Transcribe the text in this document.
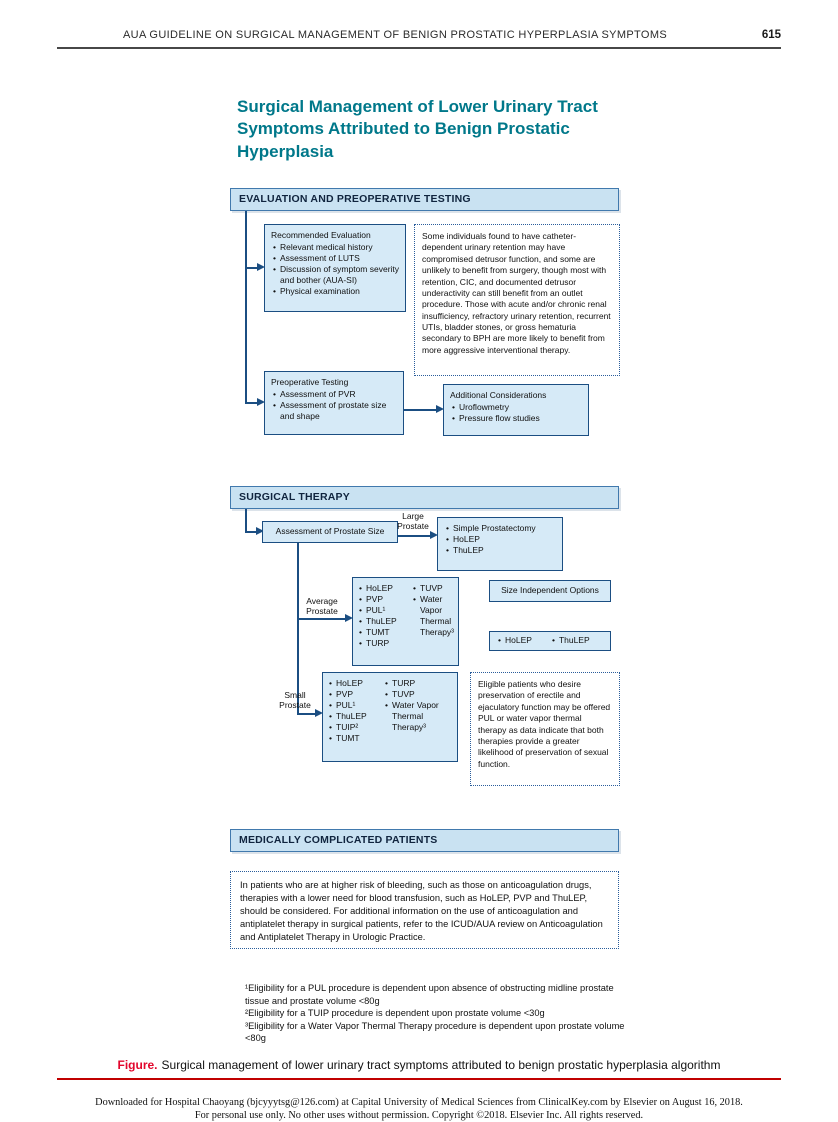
AUA GUIDELINE ON SURGICAL MANAGEMENT OF BENIGN PROSTATIC HYPERPLASIA SYMPTOMS	615
Surgical Management of Lower Urinary Tract Symptoms Attributed to Benign Prostatic Hyperplasia
EVALUATION AND PREOPERATIVE TESTING
Recommended Evaluation
• Relevant medical history
• Assessment of LUTS
• Discussion of symptom severity and bother (AUA-SI)
• Physical examination
Some individuals found to have catheter-dependent urinary retention may have compromised detrusor function, and some are unlikely to benefit from surgery, though most with retention, CIC, and documented detrusor underactivity can still benefit from an outlet procedure. Those with acute and/or chronic renal insufficiency, refractory urinary retention, recurrent UTIs, bladder stones, or gross hematuria secondary to BPH are more likely to benefit from more aggressive interventional therapy.
Preoperative Testing
• Assessment of PVR
• Assessment of prostate size and shape
Additional Considerations
• Uroflowmetry
• Pressure flow studies
SURGICAL THERAPY
Assessment of Prostate Size
Large Prostate	• Simple Prostatectomy
• HoLEP
• ThuLEP
Average Prostate
• HoLEP
• PVP
• PUL¹
• ThuLEP
• TUMT
• TURP
• TUVP
• Water Vapor Thermal Therapy³
Size Independent Options
• HoLEP	• ThuLEP
Small Prostate
• HoLEP
• PVP
• PUL¹
• ThuLEP
• TUIP²
• TUMT
• TURP
• TUVP
• Water Vapor Thermal Therapy³
Eligible patients who desire preservation of erectile and ejaculatory function may be offered PUL or water vapor thermal therapy as data indicate that both therapies provide a greater likelihood of preservation of sexual function.
MEDICALLY COMPLICATED PATIENTS
In patients who are at higher risk of bleeding, such as those on anticoagulation drugs, therapies with a lower need for blood transfusion, such as HoLEP, PVP and ThuLEP, should be considered. For additional information on the use of anticoagulation and antiplatelet therapy in surgical patients, refer to the ICUD/AUA review on Anticoagulation and Antiplatelet Therapy in Urologic Practice.
¹Eligibility for a PUL procedure is dependent upon absence of obstructing midline prostate tissue and prostate volume <80g
²Eligibility for a TUIP procedure is dependent upon prostate volume <30g
³Eligibility for a Water Vapor Thermal Therapy procedure is dependent upon prostate volume <80g
Figure. Surgical management of lower urinary tract symptoms attributed to benign prostatic hyperplasia algorithm
Downloaded for Hospital Chaoyang (bjcyyytsg@126.com) at Capital University of Medical Sciences from ClinicalKey.com by Elsevier on August 16, 2018.
For personal use only. No other uses without permission. Copyright ©2018. Elsevier Inc. All rights reserved.
